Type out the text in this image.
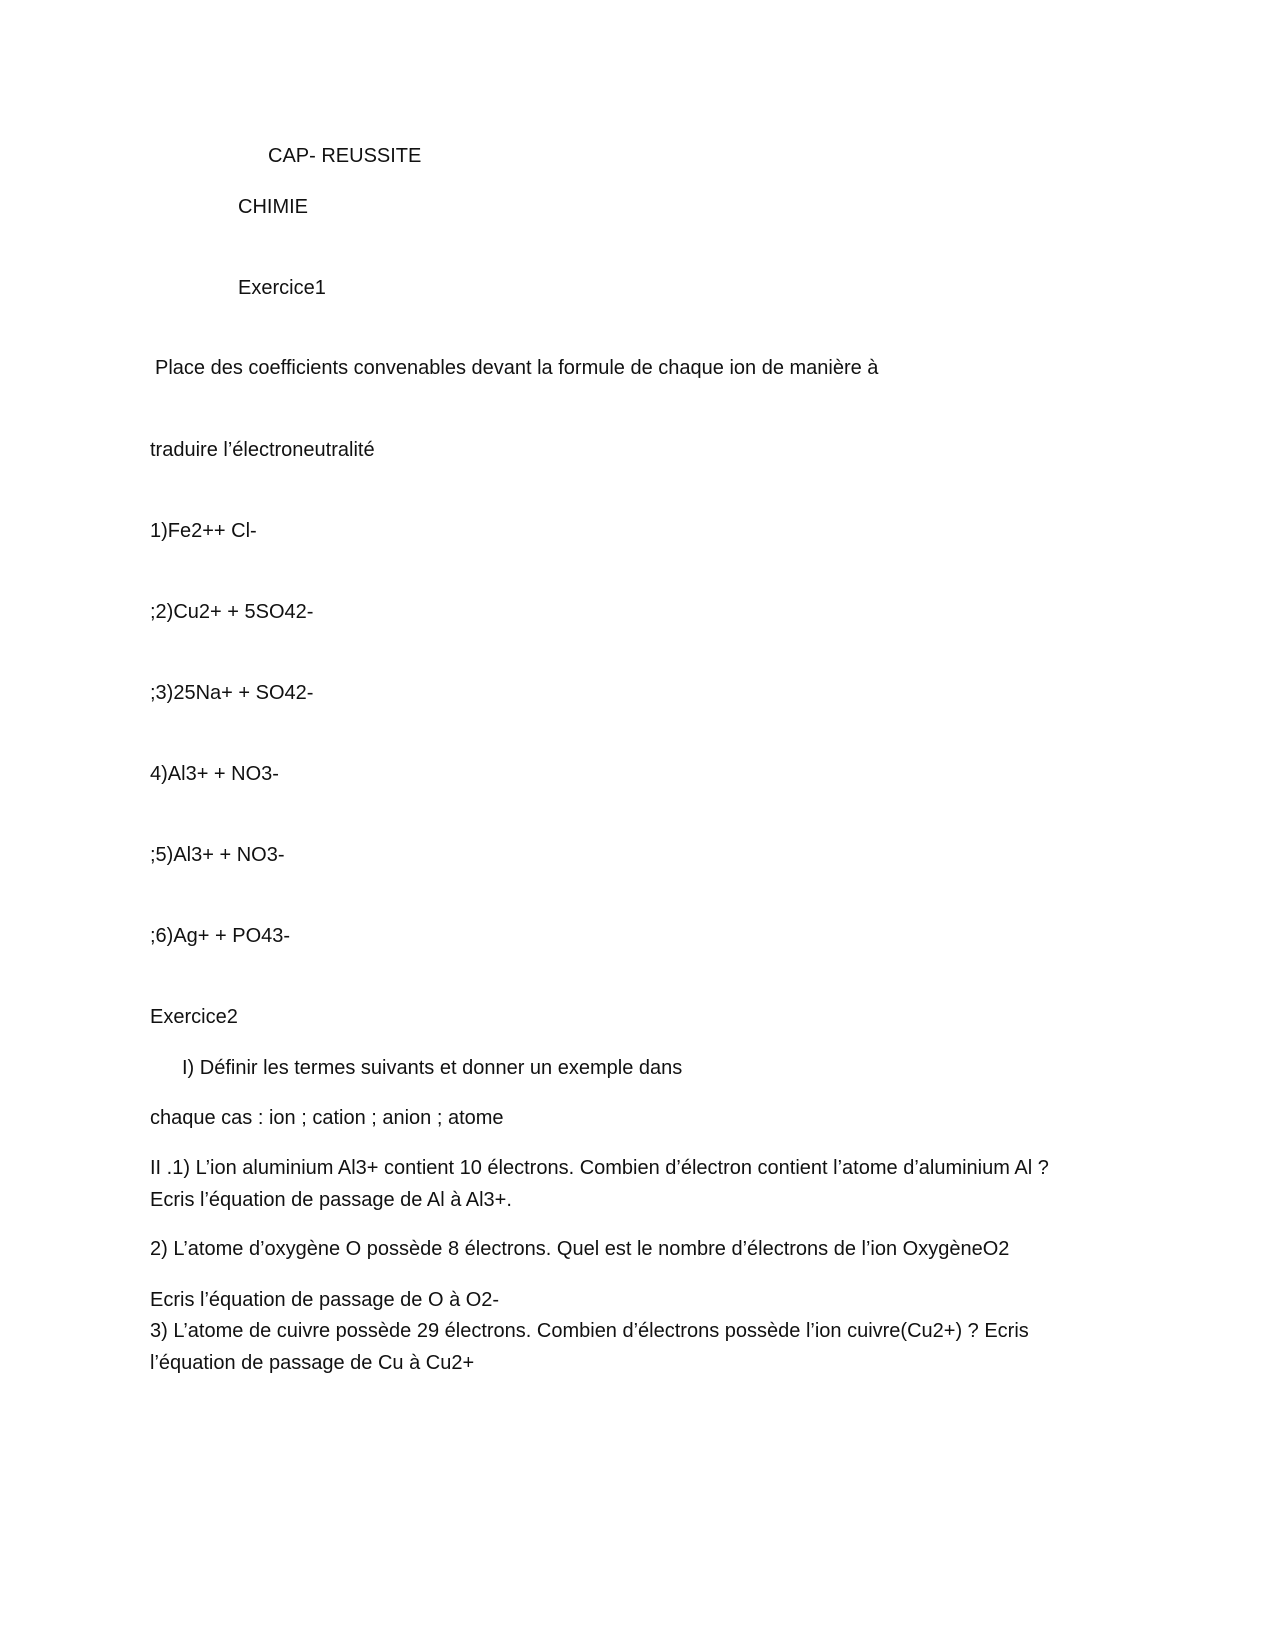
CAP- REUSSITE
CHIMIE
Exercice1
Place des coefficients convenables devant la formule de chaque ion de manière à
traduire l’électroneutralité
1)Fe2++ Cl-
;2)Cu2+ + 5SO42-
;3)25Na+ + SO42-
4)Al3+ + NO3-
;5)Al3+ + NO3-
;6)Ag+ + PO43-
Exercice2
I) Définir les termes suivants et donner un exemple dans
chaque cas : ion ; cation ; anion ; atome
II .1) L’ion aluminium Al3+ contient 10 électrons. Combien d’électron contient l’atome d’aluminium Al ?
Ecris l’équation de passage de Al à Al3+.
2) L’atome d’oxygène O possède 8 électrons. Quel est le nombre d’électrons de l’ion OxygèneO2
Ecris l’équation de passage de O à O2-
3) L’atome de cuivre possède 29 électrons. Combien d’électrons possède l’ion cuivre(Cu2+) ? Ecris
l’équation de passage de Cu à Cu2+
